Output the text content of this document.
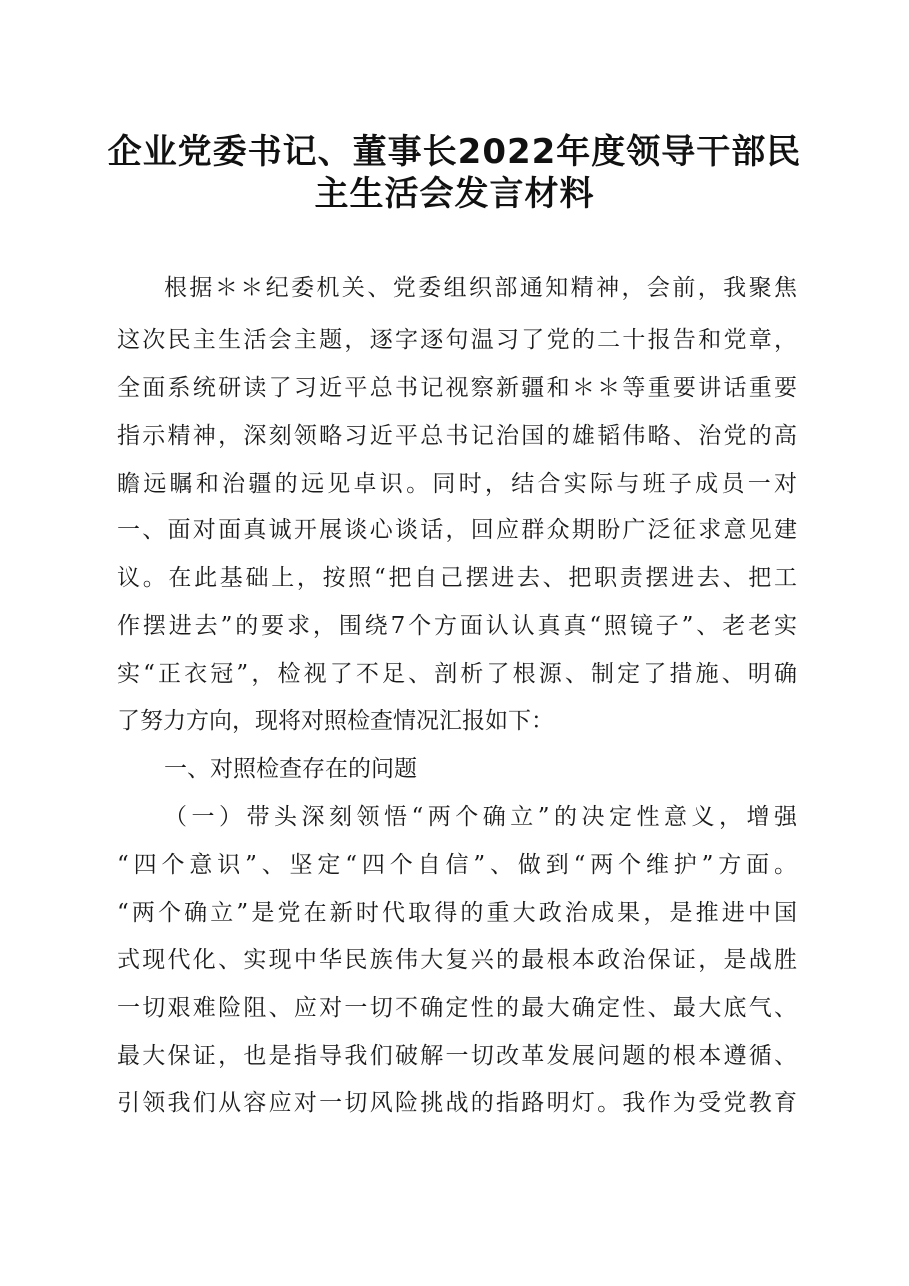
企业党委书记、董事长2022年度领导干部民
主生活会发言材料
根据＊＊纪委机关、党委组织部通知精神，会前，我聚焦
这次民主生活会主题，逐字逐句温习了党的二十报告和党章，
全面系统研读了习近平总书记视察新疆和＊＊等重要讲话重要
指示精神，深刻领略习近平总书记治国的雄韬伟略、治党的高
瞻远瞩和治疆的远见卓识。同时，结合实际与班子成员一对
一、面对面真诚开展谈心谈话，回应群众期盼广泛征求意见建
议。在此基础上，按照“把自己摆进去、把职责摆进去、把工
作摆进去”的要求，围绕7个方面认认真真“照镜子”、老老实
实“正衣冠”，检视了不足、剖析了根源、制定了措施、明确
了努力方向，现将对照检查情况汇报如下：
一、对照检查存在的问题
（一）带头深刻领悟“两个确立”的决定性意义，增强
“四个意识”、坚定“四个自信”、做到“两个维护”方面。
“两个确立”是党在新时代取得的重大政治成果，是推进中国
式现代化、实现中华民族伟大复兴的最根本政治保证，是战胜
一切艰难险阻、应对一切不确定性的最大确定性、最大底气、
最大保证，也是指导我们破解一切改革发展问题的根本遵循、
引领我们从容应对一切风险挑战的指路明灯。我作为受党教育
